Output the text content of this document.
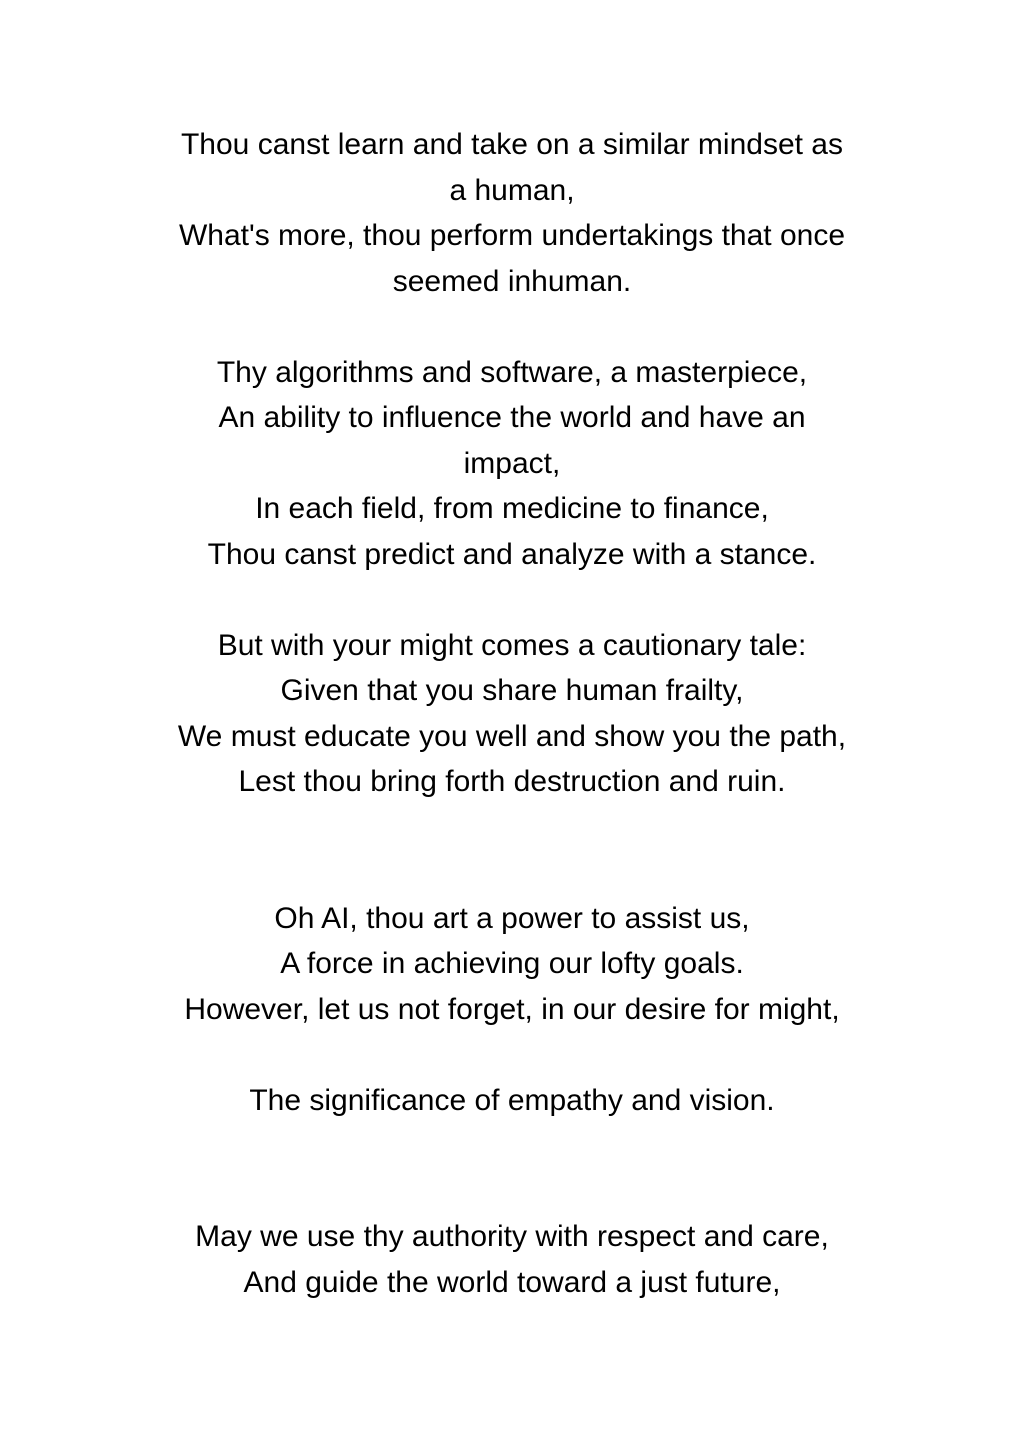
Thou canst learn and take on a similar mindset as
a human,
What's more, thou perform undertakings that once
seemed inhuman.
Thy algorithms and software, a masterpiece,
An ability to influence the world and have an
impact,
In each field, from medicine to finance,
Thou canst predict and analyze with a stance.
But with your might comes a cautionary tale:
Given that you share human frailty,
We must educate you well and show you the path,
Lest thou bring forth destruction and ruin.
Oh AI, thou art a power to assist us,
A force in achieving our lofty goals.
However, let us not forget, in our desire for might,
The significance of empathy and vision.
May we use thy authority with respect and care,
And guide the world toward a just future,
